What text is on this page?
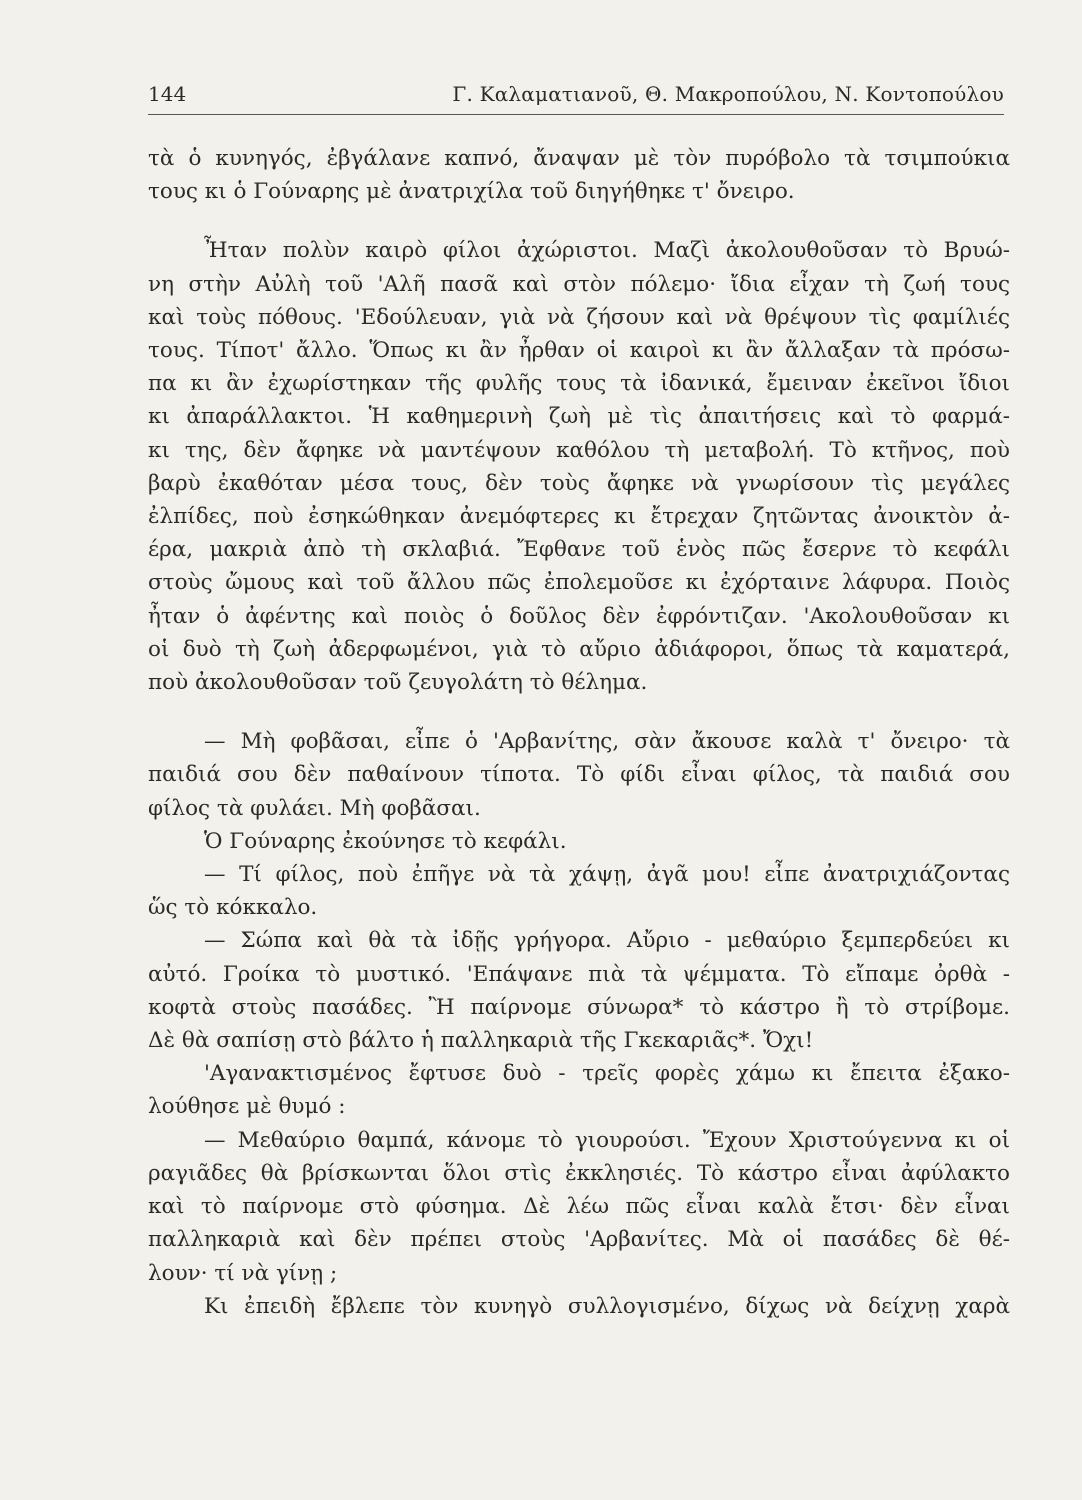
144	Γ. Καλαματιανοῦ, Θ. Μακροπούλου, Ν. Κοντοπούλου
τὰ ὁ κυνηγός, ἐβγάλανε καπνό, ἄναψαν μὲ τὸν πυρόβολο τὰ τσιμπούκια
τους κι ὁ Γούναρης μὲ ἀνατριχίλα τοῦ διηγήθηκε τ' ὄνειρο.
Ἦταν πολὺν καιρὸ φίλοι ἀχώριστοι. Μαζὶ ἀκολουθοῦσαν τὸ Βρυώ-
νη στὴν Αὐλὴ τοῦ 'Αλῆ πασᾶ καὶ στὸν πόλεμο· ἴδια εἶχαν τὴ ζωή τους
καὶ τοὺς πόθους. 'Εδούλευαν, γιὰ νὰ ζήσουν καὶ νὰ θρέψουν τὶς φαμίλιές
τους. Τίποτ' ἄλλο. Ὅπως κι ἂν ἦρθαν οἱ καιροὶ κι ἂν ἄλλαξαν τὰ πρόσω-
πα κι ἂν ἐχωρίστηκαν τῆς φυλῆς τους τὰ ἰδανικά, ἔμειναν ἐκεῖνοι ἴδιοι
κι ἀπαράλλακτοι. Ἡ καθημερινὴ ζωὴ μὲ τὶς ἀπαιτήσεις καὶ τὸ φαρμά-
κι της, δὲν ἄφηκε νὰ μαντέψουν καθόλου τὴ μεταβολή. Τὸ κτῆνος, ποὺ
βαρὺ ἐκαθόταν μέσα τους, δὲν τοὺς ἄφηκε νὰ γνωρίσουν τὶς μεγάλες
ἐλπίδες, ποὺ ἐσηκώθηκαν ἀνεμόφτερες κι ἔτρεχαν ζητῶντας ἀνοικτὸν ἀ-
έρα, μακριὰ ἀπὸ τὴ σκλαβιά. Ἔφθανε τοῦ ἑνὸς πῶς ἔσερνε τὸ κεφάλι
στοὺς ὤμους καὶ τοῦ ἄλλου πῶς ἐπολεμοῦσε κι ἐχόρταινε λάφυρα. Ποιὸς
ἦταν ὁ ἀφέντης καὶ ποιὸς ὁ δοῦλος δὲν ἐφρόντιζαν. 'Ακολουθοῦσαν κι
οἱ δυὸ τὴ ζωὴ ἀδερφωμένοι, γιὰ τὸ αὔριο ἀδιάφοροι, ὅπως τὰ καματερά,
ποὺ ἀκολουθοῦσαν τοῦ ζευγολάτη τὸ θέλημα.
— Μὴ φοβᾶσαι, εἶπε ὁ 'Αρβανίτης, σὰν ἄκουσε καλὰ τ' ὄνειρο· τὰ
παιδιά σου δὲν παθαίνουν τίποτα. Τὸ φίδι εἶναι φίλος, τὰ παιδιά σου
φίλος τὰ φυλάει. Μὴ φοβᾶσαι.
Ὁ Γούναρης ἐκούνησε τὸ κεφάλι.
— Τί φίλος, ποὺ ἐπῆγε νὰ τὰ χάψῃ, ἀγᾶ μου! εἶπε ἀνατριχιάζοντας
ὥς τὸ κόκκαλο.
— Σώπα καὶ θὰ τὰ ἰδῇς γρήγορα. Αὔριο - μεθαύριο ξεμπερδεύει κι
αὐτό. Γροίκα τὸ μυστικό. 'Επάψανε πιὰ τὰ ψέμματα. Τὸ εἴπαμε ὀρθὰ -
κοφτὰ στοὺς πασάδες. Ἢ παίρνομε σύνωρα* τὸ κάστρο ἢ τὸ στρίβομε.
Δὲ θὰ σαπίσῃ στὸ βάλτο ἡ παλληκαριὰ τῆς Γκεκαριᾶς*. Ὄχι!
'Αγανακτισμένος ἔφτυσε δυὸ - τρεῖς φορὲς χάμω κι ἔπειτα ἐξακο-
λούθησε μὲ θυμό :
— Μεθαύριο θαμπά, κάνομε τὸ γιουρούσι. Ἔχουν Χριστούγεννα κι οἱ
ραγιᾶδες θὰ βρίσκωνται ὅλοι στὶς ἐκκλησιές. Τὸ κάστρο εἶναι ἀφύλακτο
καὶ τὸ παίρνομε στὸ φύσημα. Δὲ λέω πῶς εἶναι καλὰ ἔτσι· δὲν εἶναι
παλληκαριὰ καὶ δὲν πρέπει στοὺς 'Αρβανίτες. Μὰ οἱ πασάδες δὲ θέ-
λουν· τί νὰ γίνῃ ;
Κι ἐπειδὴ ἔβλεπε τὸν κυνηγὸ συλλογισμένο, δίχως νὰ δείχνῃ χαρὰ
